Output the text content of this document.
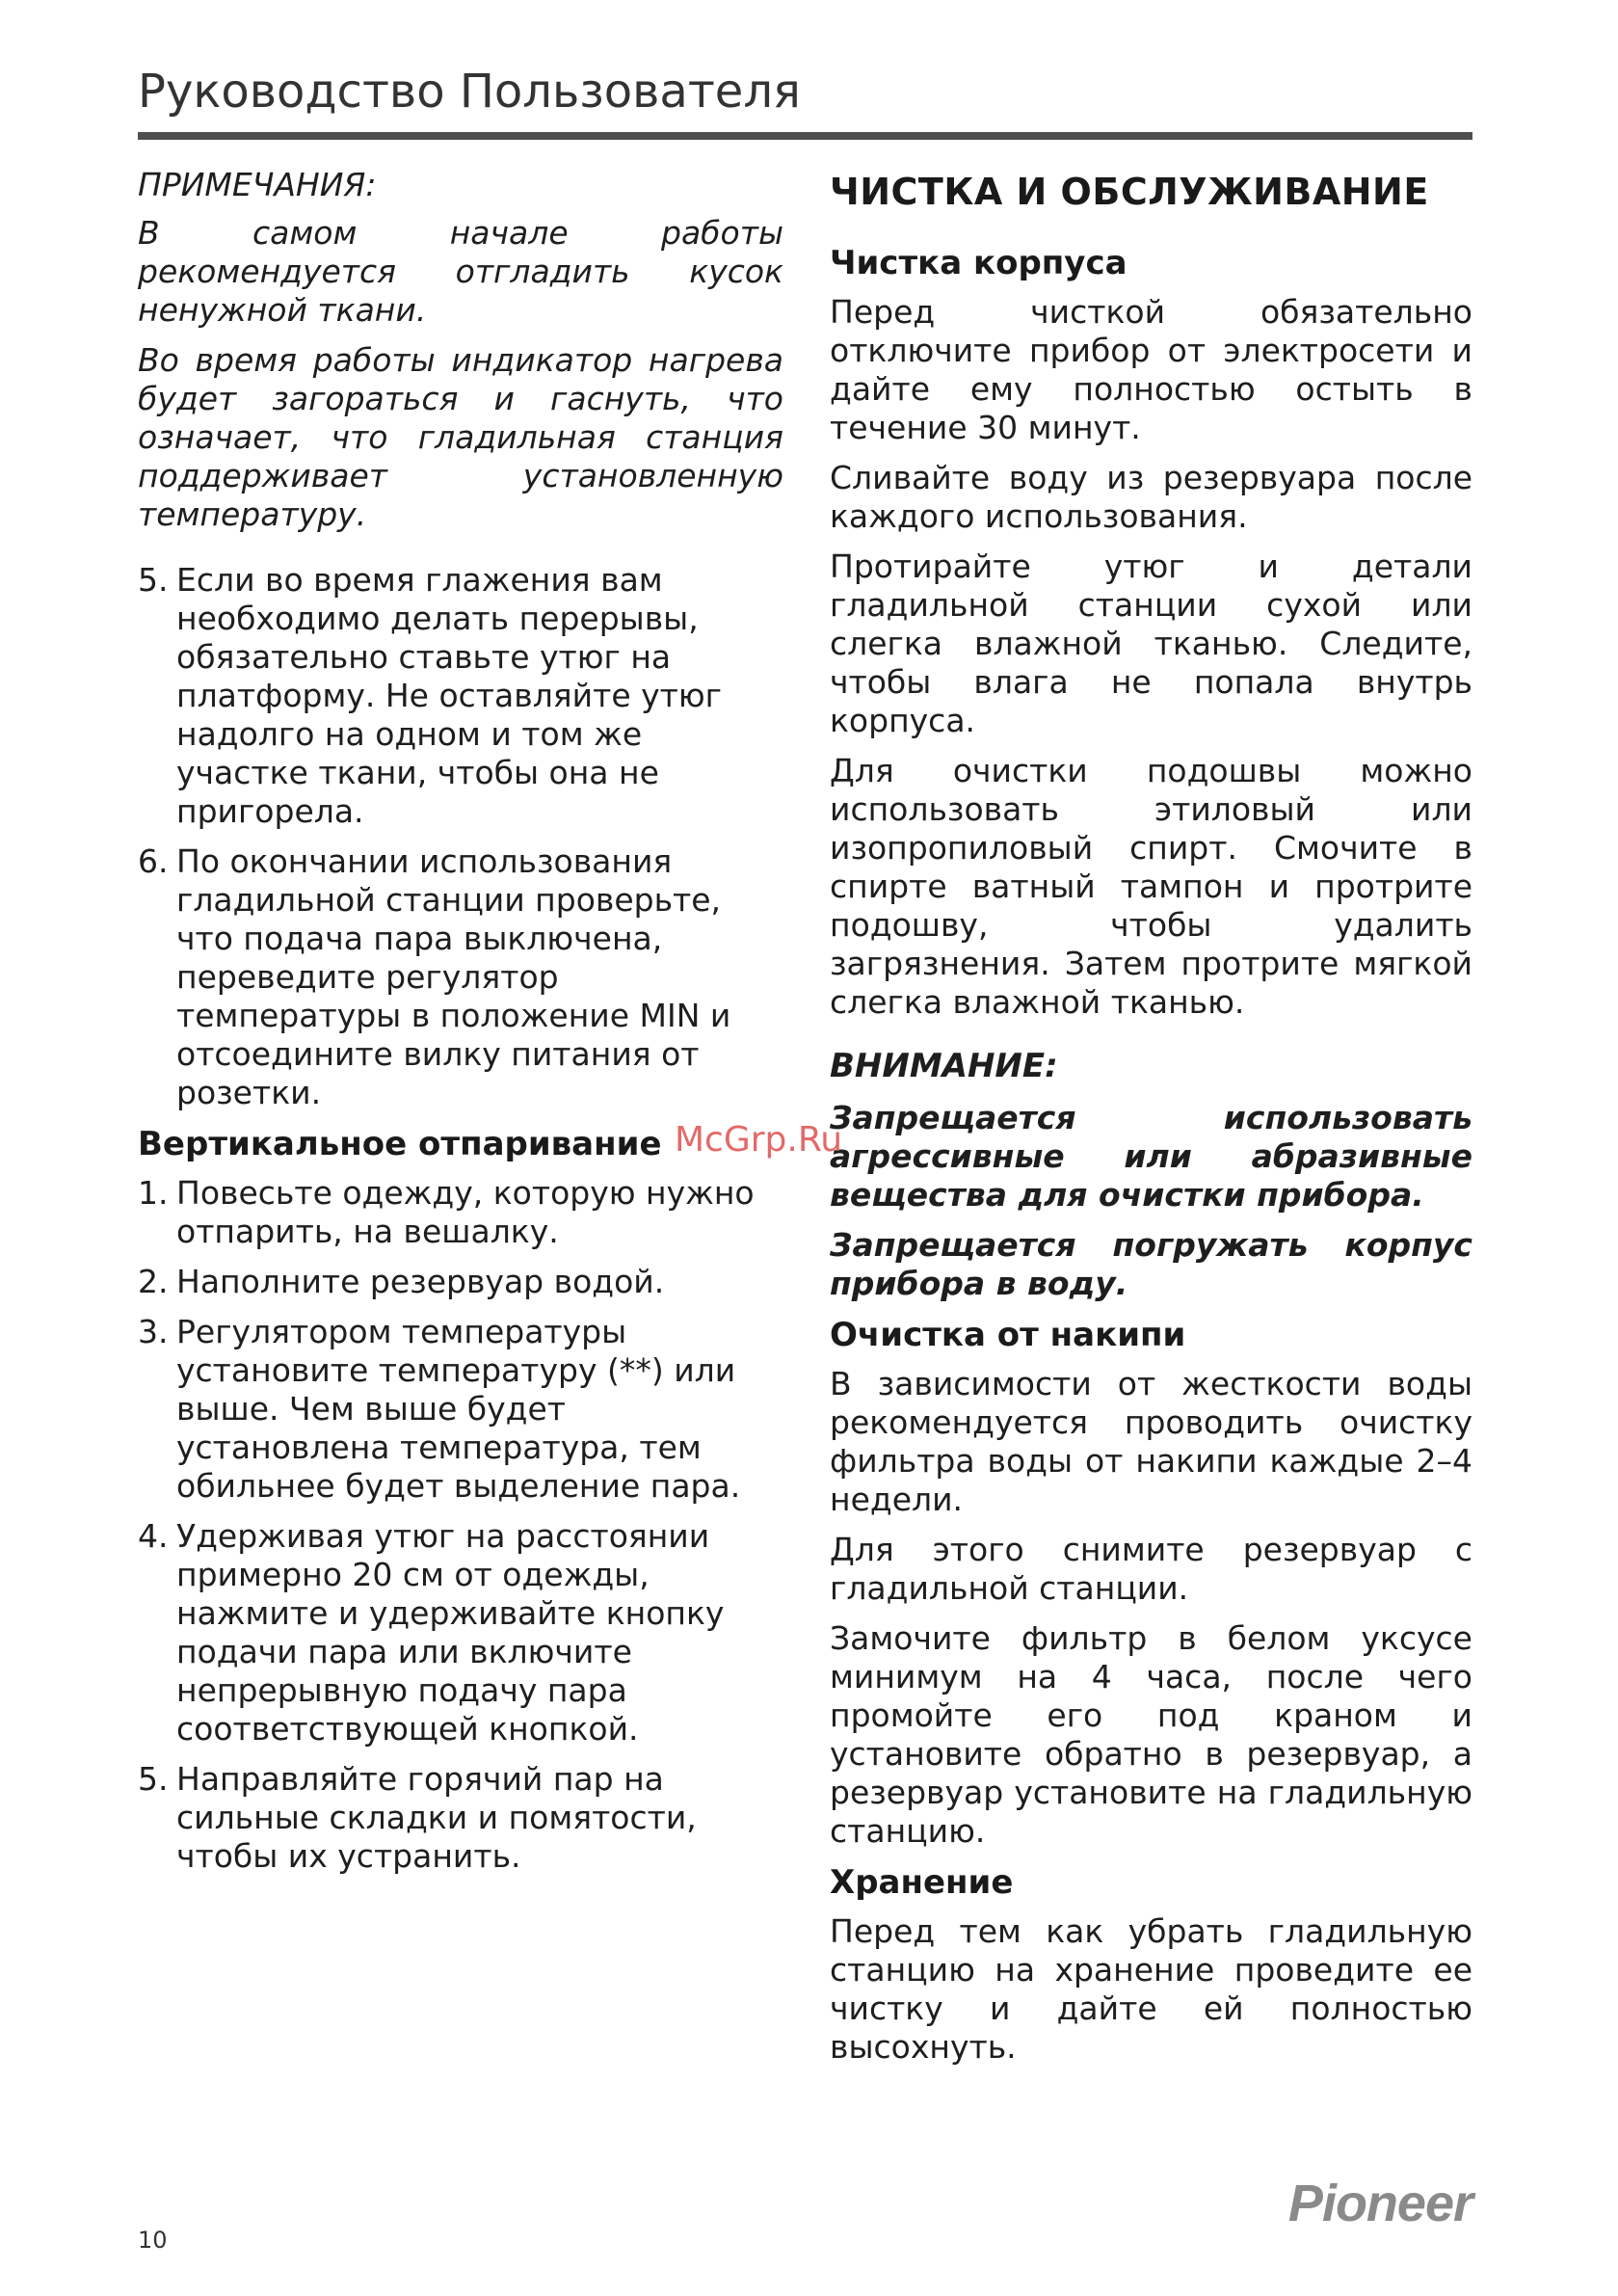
Руководство Пользователя

ПРИМЕЧАНИЯ:

В самом начале работы рекомендуется отгладить кусок ненужной ткани.

Во время работы индикатор нагрева будет загораться и гаснуть, что означает, что гладильная станция поддерживает установленную температуру.

5. Если во время глажения вам необходимо делать перерывы, обязательно ставьте утюг на платформу. Не оставляйте утюг надолго на одном и том же участке ткани, чтобы она не пригорела.
6. По окончании использования гладильной станции проверьте, что подача пара выключена, переведите регулятор температуры в положение MIN и отсоедините вилку питания от розетки.
Вертикальное отпаривание
1. Повесьте одежду, которую нужно отпарить, на вешалку.
2. Наполните резервуар водой.
3. Регулятором температуры установите температуру (**) или выше. Чем выше будет установлена температура, тем обильнее будет выделение пара.
4. Удерживая утюг на расстоянии примерно 20 см от одежды, нажмите и удерживайте кнопку подачи пара или включите непрерывную подачу пара соответствующей кнопкой.
5. Направляйте горячий пар на сильные складки и помятости, чтобы их устранить.
ЧИСТКА И ОБСЛУЖИВАНИЕ
Чистка корпуса

Перед чисткой обязательно отключите прибор от электросети и дайте ему полностью остыть в течение 30 минут.

Сливайте воду из резервуара после каждого использования.

Протирайте утюг и детали гладильной станции сухой или слегка влажной тканью. Следите, чтобы влага не попала внутрь корпуса.

Для очистки подошвы можно использовать этиловый или изопропиловый спирт. Смочите в спирте ватный тампон и протрите подошву, чтобы удалить загрязнения. Затем протрите мягкой слегка влажной тканью.

ВНИМАНИЕ:

Запрещается использовать агрессивные или абразивные вещества для очистки прибора.

Запрещается погружать корпус прибора в воду.

Очистка от накипи

В зависимости от жесткости воды рекомендуется проводить очистку фильтра воды от накипи каждые 2–4 недели.

Для этого снимите резервуар с гладильной станции.

Замочите фильтр в белом уксусе минимум на 4 часа, после чего промойте его под краном и установите обратно в резервуар, а резервуар установите на гладильную станцию.

Хранение

Перед тем как убрать гладильную станцию на хранение проведите ее чистку и дайте ей полностью высохнуть.

McGrp.Ru
10
Pioneer
